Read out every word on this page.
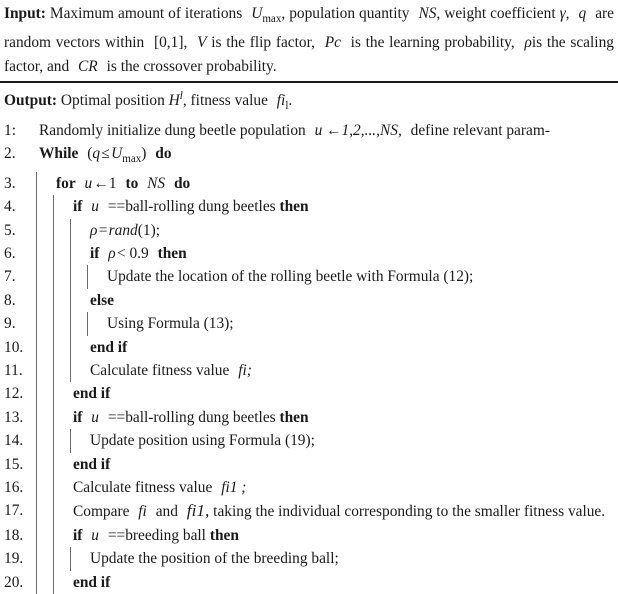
Input: Maximum amount of iterations $U_{max}$, population quantity NS, weight coefficient γ, q are random vectors within [0,1], V is the flip factor, Pc is the learning probability, ρis the scaling factor, and CR is the crossover probability.
Output: Optimal position $H^l$, fitness value $fi_l$.
1:	Randomly initialize dung beetle population u ←1,2,...,NS, define relevant param-
2.	While (q ≤ $U_{max}$) do
3.	for u ←1 to NS do
4.	if u ==ball-rolling dung beetles then
5.	ρ = rand(1);
6.	if ρ < 0.9 then
7.	Update the location of the rolling beetle with Formula (12);
8.	else
9.	Using Formula (13);
10.	end if
11.	Calculate fitness value fi;
12.	end if
13.	if u ==ball-rolling dung beetles then
14.	Update position using Formula (19);
15.	end if
16.	Calculate fitness value fi1 ;
17.	Compare fi and fi1, taking the individual corresponding to the smaller fitness value.
18.	if u ==breeding ball then
19.	Update the position of the breeding ball;
20.	end if
